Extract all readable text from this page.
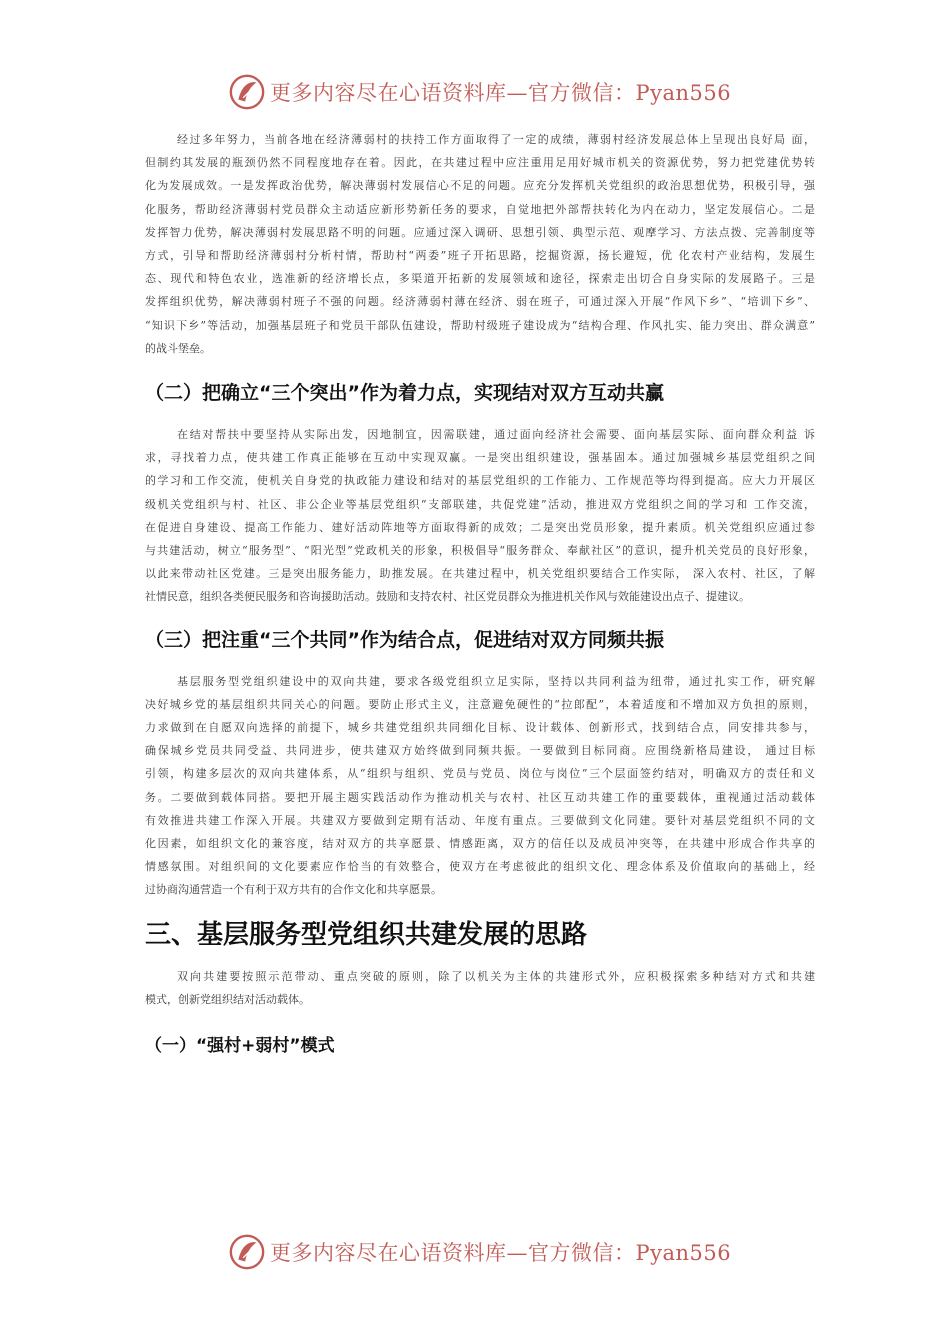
更多内容尽在心语资料库—官方微信：Pyan556
经过多年努力，当前各地在经济薄弱村的扶持工作方面取得了一定的成绩，薄弱村经济发展总体上呈现出良好局 面，
但制约其发展的瓶颈仍然不同程度地存在着。因此，在共建过程中应注重用足用好城市机关的资源优势，努力把党建优势转
化为发展成效。一是发挥政治优势，解决薄弱村发展信心不足的问题。应充分发挥机关党组织的政治思想优势，积极引导，强
化服务，帮助经济薄弱村党员群众主动适应新形势新任务的要求，自觉地把外部帮扶转化为内在动力，坚定发展信心。二是
发挥智力优势，解决薄弱村发展思路不明的问题。应通过深入调研、思想引领、典型示范、观摩学习、方法点拨、完善制度等
方式，引导和帮助经济薄弱村分析村情，帮助村“两委”班子开拓思路，挖掘资源，扬长避短，优 化农村产业结构，发展生
态、现代和特色农业，选准新的经济增长点，多渠道开拓新的发展领域和途径，探索走出切合自身实际的发展路子。三是
发挥组织优势，解决薄弱村班子不强的问题。经济薄弱村薄在经济、弱在班子，可通过深入开展“作风下乡”、“培训下乡”、
“知识下乡”等活动，加强基层班子和党员干部队伍建设，帮助村级班子建设成为“结构合理、作风扎实、能力突出、群众满意”
的战斗堡垒。
（二）把确立“三个突出”作为着力点，实现结对双方互动共赢
在结对帮扶中要坚持从实际出发，因地制宜，因需联建，通过面向经济社会需要、面向基层实际、面向群众利益 诉
求，寻找着力点，使共建工作真正能够在互动中实现双赢。一是突出组织建设，强基固本。通过加强城乡基层党组织之间
的学习和工作交流，使机关自身党的执政能力建设和结对的基层党组织的工作能力、工作规范等均得到提高。应大力开展区
级机关党组织与村、社区、非公企业等基层党组织“支部联建，共促党建”活动，推进双方党组织之间的学习和 工作交流，
在促进自身建设、提高工作能力、建好活动阵地等方面取得新的成效；二是突出党员形象，提升素质。机关党组织应通过参
与共建活动，树立“服务型”、“阳光型”党政机关的形象，积极倡导“服务群众、奉献社区”的意识，提升机关党员的良好形象，
以此来带动社区党建。三是突出服务能力，助推发展。在共建过程中，机关党组织要结合工作实际， 深入农村、社区，了解
社情民意，组织各类便民服务和咨询援助活动。鼓励和支持农村、社区党员群众为推进机关作风与效能建设出点子、提建议。
（三）把注重“三个共同”作为结合点，促进结对双方同频共振
基层服务型党组织建设中的双向共建，要求各级党组织立足实际，坚持以共同利益为纽带，通过扎实工作，研究解
决好城乡党的基层组织共同关心的问题。要防止形式主义，注意避免硬性的“拉郎配”，本着适度和不增加双方负担的原则，
力求做到在自愿双向选择的前提下，城乡共建党组织共同细化目标、设计载体、创新形式，找到结合点，同安排共参与，
确保城乡党员共同受益、共同进步，使共建双方始终做到同频共振。一要做到目标同商。应围绕新格局建设， 通过目标
引领，构建多层次的双向共建体系，从“组织与组织、党员与党员、岗位与岗位”三个层面签约结对，明确双方的责任和义
务。二要做到载体同搭。要把开展主题实践活动作为推动机关与农村、社区互动共建工作的重要载体，重视通过活动载体
有效推进共建工作深入开展。共建双方要做到定期有活动、年度有重点。三要做到文化同建。要针对基层党组织不同的文
化因素，如组织文化的兼容度，结对双方的共享愿景、情感距离，双方的信任以及成员冲突等，在共建中形成合作共享的
情感氛围。对组织间的文化要素应作恰当的有效整合，使双方在考虑彼此的组织文化、理念体系及价值取向的基础上，经
过协商沟通营造一个有利于双方共有的合作文化和共享愿景。
三、基层服务型党组织共建发展的思路
双向共建要按照示范带动、重点突破的原则，除了以机关为主体的共建形式外，应积极探索多种结对方式和共建
模式，创新党组织结对活动载体。
（一）“强村+弱村”模式
更多内容尽在心语资料库—官方微信：Pyan556
